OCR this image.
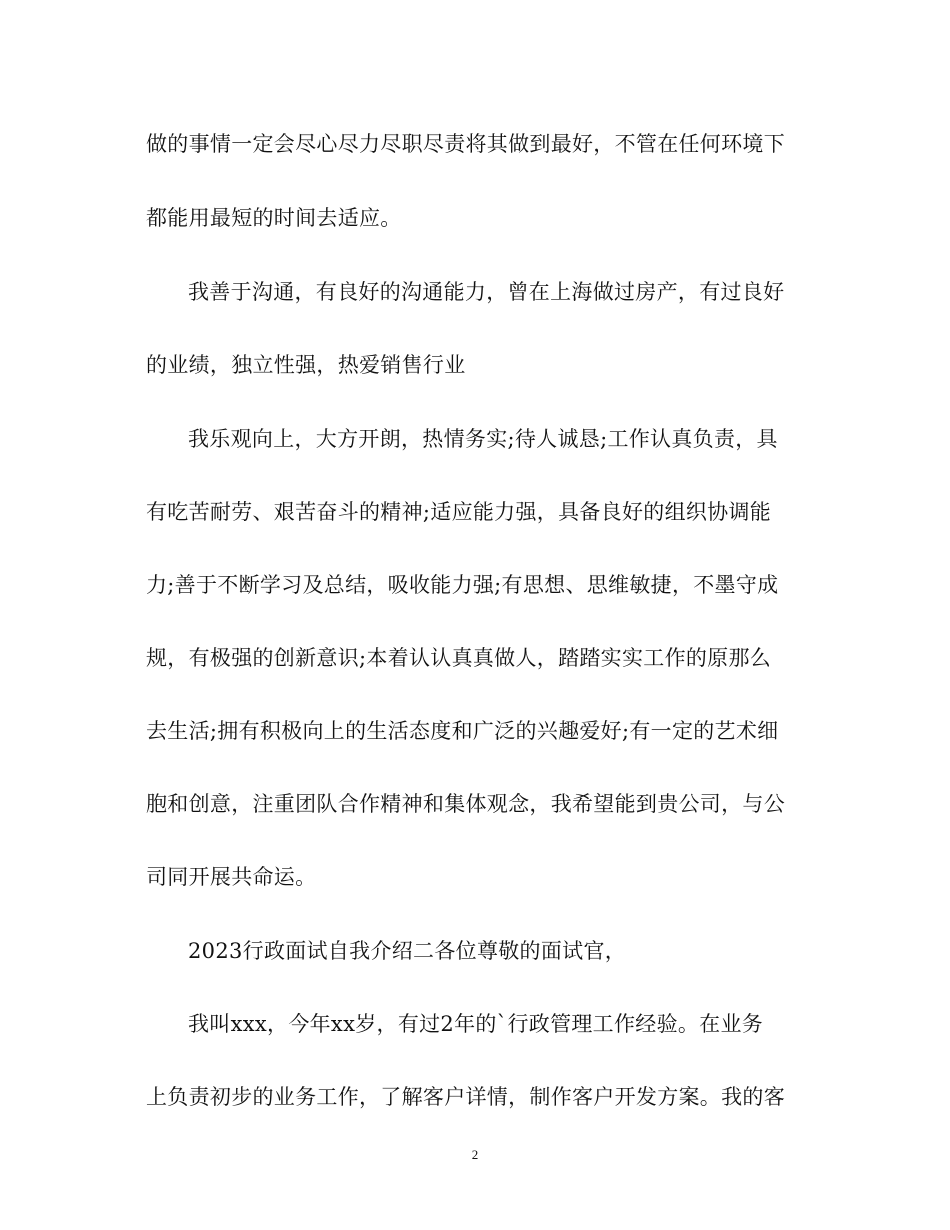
做的事情一定会尽心尽力尽职尽责将其做到最好，不管在任何环境下
都能用最短的时间去适应。
我善于沟通，有良好的沟通能力，曾在上海做过房产，有过良好
的业绩，独立性强，热爱销售行业
我乐观向上，大方开朗，热情务实;待人诚恳;工作认真负责，具
有吃苦耐劳、艰苦奋斗的精神;适应能力强，具备良好的组织协调能
力;善于不断学习及总结，吸收能力强;有思想、思维敏捷，不墨守成
规，有极强的创新意识;本着认认真真做人，踏踏实实工作的原那么
去生活;拥有积极向上的生活态度和广泛的兴趣爱好;有一定的艺术细
胞和创意，注重团队合作精神和集体观念，我希望能到贵公司，与公
司同开展共命运。
2023行政面试自我介绍二各位尊敬的面试官，
我叫xxx，今年xx岁，有过2年的`行政管理工作经验。在业务
上负责初步的业务工作，了解客户详情，制作客户开发方案。我的客
2
